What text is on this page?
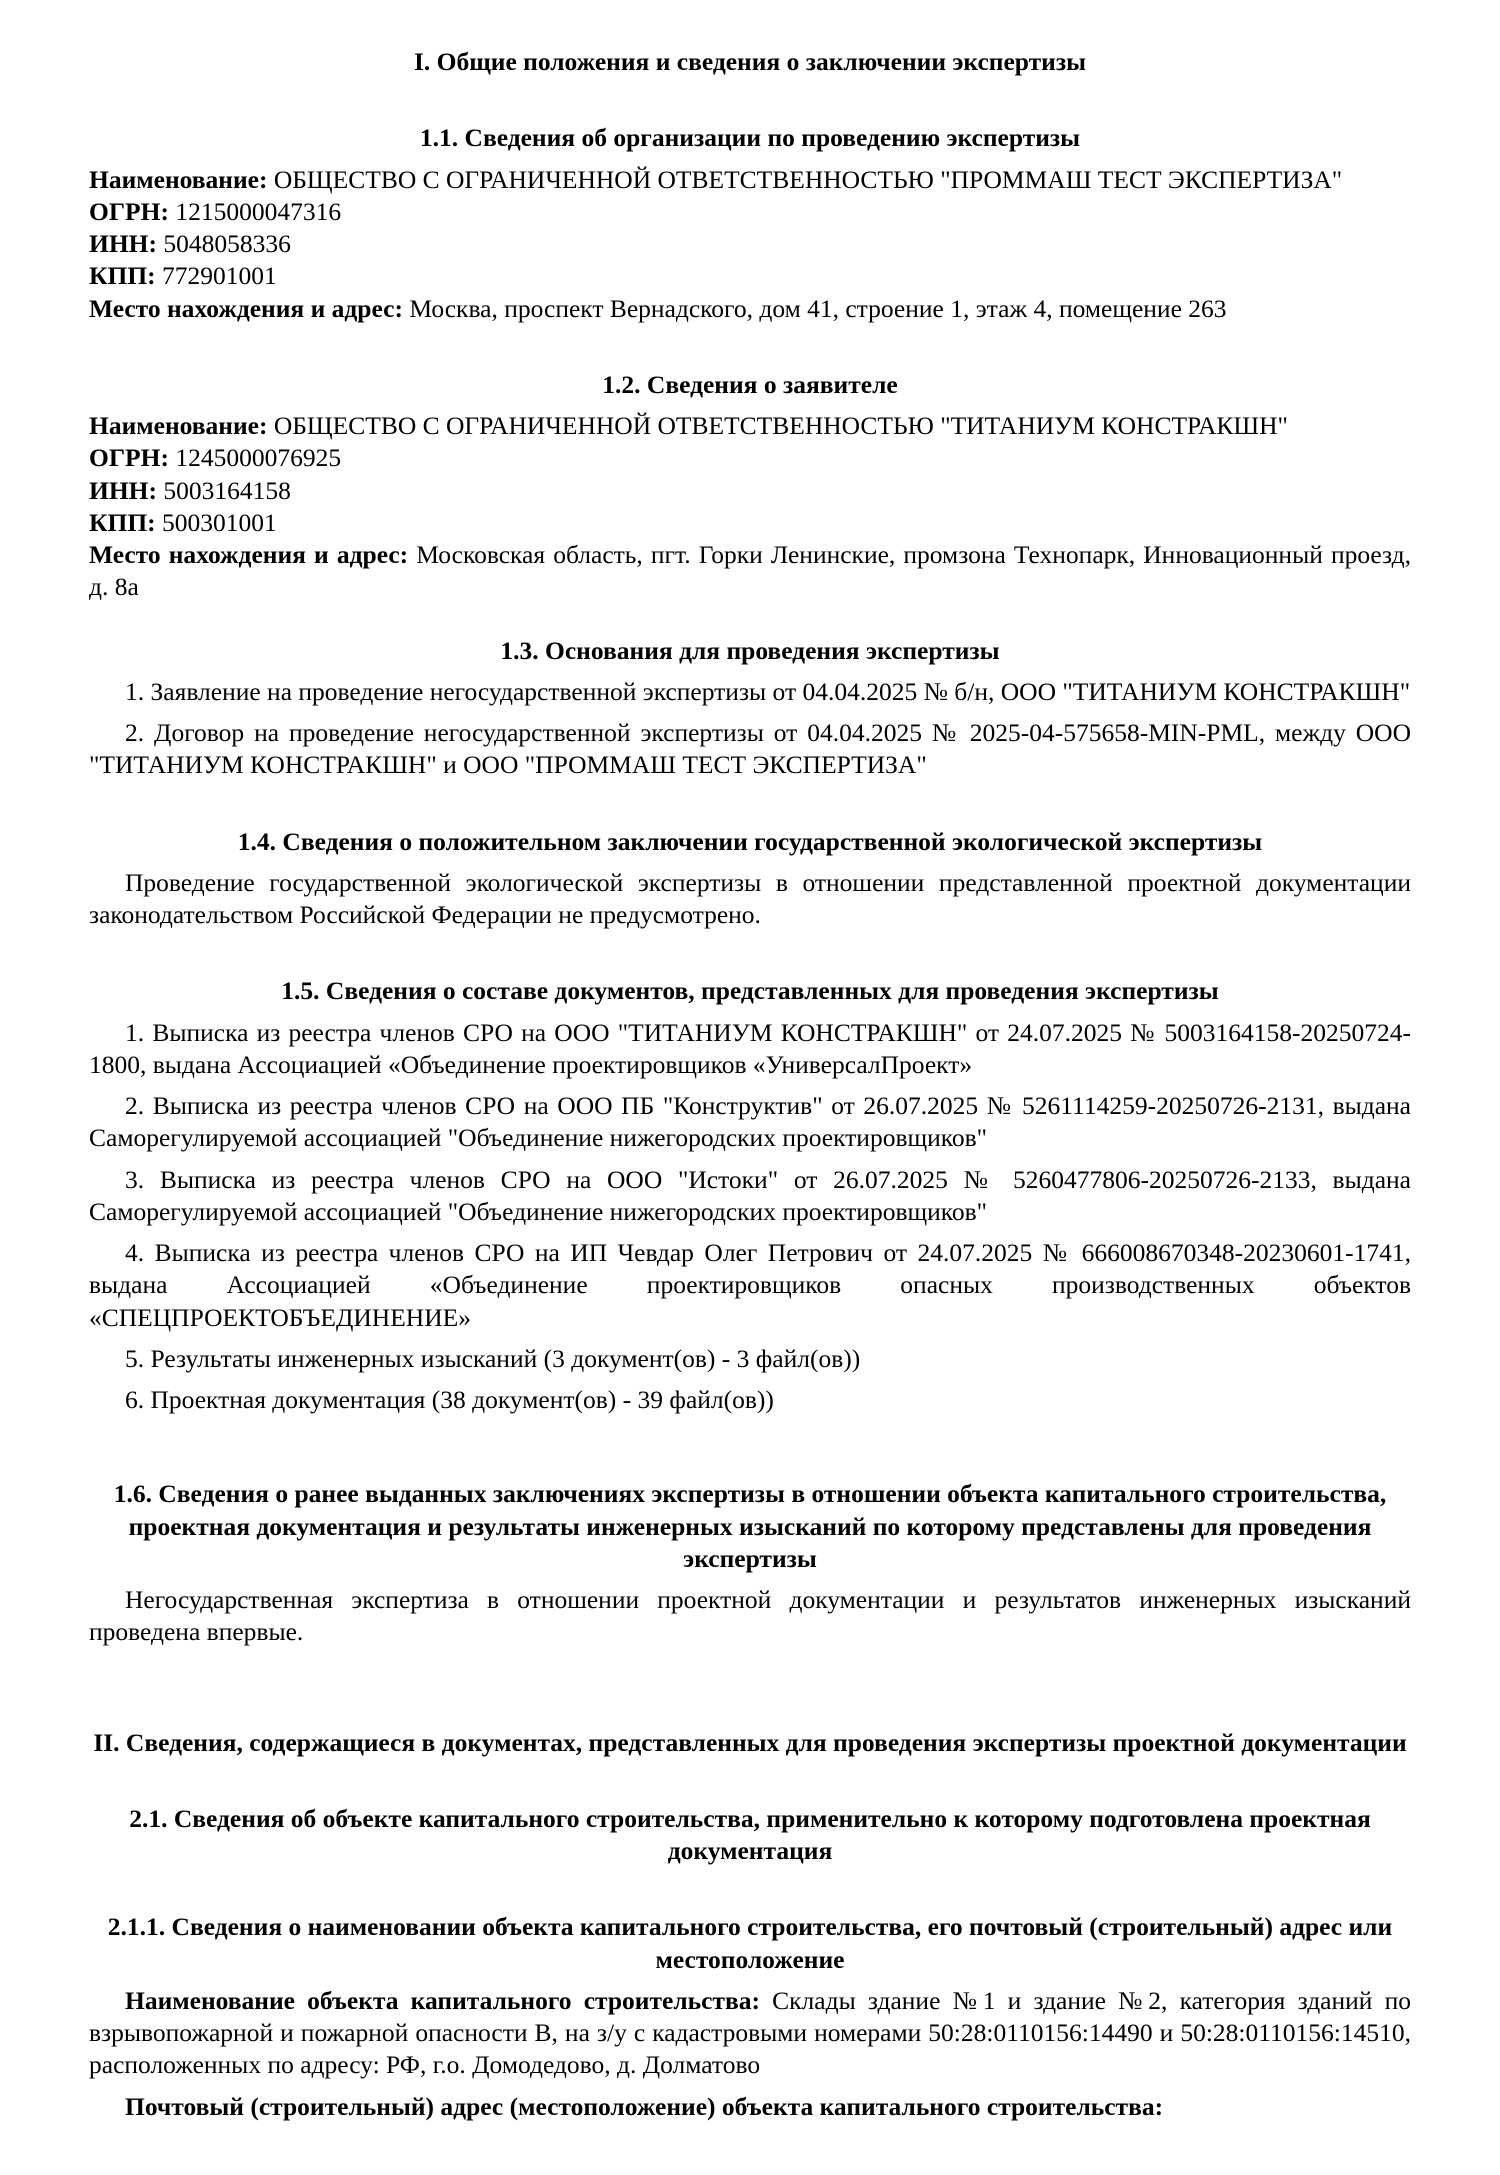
I. Общие положения и сведения о заключении экспертизы
1.1. Сведения об организации по проведению экспертизы

Наименование: ОБЩЕСТВО С ОГРАНИЧЕННОЙ ОТВЕТСТВЕННОСТЬЮ "ПРОММАШ ТЕСТ ЭКСПЕРТИЗА"

ОГРН: 1215000047316

ИНН: 5048058336

КПП: 772901001

Место нахождения и адрес: Москва, проспект Вернадского, дом 41, строение 1, этаж 4, помещение 263

1.2. Сведения о заявителе

Наименование: ОБЩЕСТВО С ОГРАНИЧЕННОЙ ОТВЕТСТВЕННОСТЬЮ "ТИТАНИУМ КОНСТРАКШН"

ОГРН: 1245000076925

ИНН: 5003164158

КПП: 500301001

Место нахождения и адрес: Московская область, пгт. Горки Ленинские, промзона Технопарк, Инновационный проезд, д. 8а

1.3. Основания для проведения экспертизы

1. Заявление на проведение негосударственной экспертизы от 04.04.2025 № б/н, ООО "ТИТАНИУМ КОНСТРАКШН"

2. Договор на проведение негосударственной экспертизы от 04.04.2025 № 2025-04-575658-MIN-PML, между ООО "ТИТАНИУМ КОНСТРАКШН" и ООО "ПРОММАШ ТЕСТ ЭКСПЕРТИЗА"

1.4. Сведения о положительном заключении государственной экологической экспертизы

Проведение государственной экологической экспертизы в отношении представленной проектной документации законодательством Российской Федерации не предусмотрено.

1.5. Сведения о составе документов, представленных для проведения экспертизы

1. Выписка из реестра членов СРО на ООО "ТИТАНИУМ КОНСТРАКШН" от 24.07.2025 № 5003164158-20250724-1800, выдана Ассоциацией «Объединение проектировщиков «УниверсалПроект»

2. Выписка из реестра членов СРО на ООО ПБ "Конструктив" от 26.07.2025 № 5261114259-20250726-2131, выдана Саморегулируемой ассоциацией "Объединение нижегородских проектировщиков"

3. Выписка из реестра членов СРО на ООО "Истоки" от 26.07.2025 № 5260477806-20250726-2133, выдана Саморегулируемой ассоциацией "Объединение нижегородских проектировщиков"

4. Выписка из реестра членов СРО на ИП Чевдар Олег Петрович от 24.07.2025 № 666008670348-20230601-1741, выдана Ассоциацией «Объединение проектировщиков опасных производственных объектов «СПЕЦПРОЕКТОБЪЕДИНЕНИЕ»

5. Результаты инженерных изысканий (3 документ(ов) - 3 файл(ов))

6. Проектная документация (38 документ(ов) - 39 файл(ов))

1.6. Сведения о ранее выданных заключениях экспертизы в отношении объекта капитального строительства, проектная документация и результаты инженерных изысканий по которому представлены для проведения экспертизы

Негосударственная экспертиза в отношении проектной документации и результатов инженерных изысканий проведена впервые.

II. Сведения, содержащиеся в документах, представленных для проведения экспертизы проектной документации
2.1. Сведения об объекте капитального строительства, применительно к которому подготовлена проектная документация
2.1.1. Сведения о наименовании объекта капитального строительства, его почтовый (строительный) адрес или местоположение

Наименование объекта капитального строительства: Склады здание №1 и здание №2, категория зданий по взрывопожарной и пожарной опасности В, на з/у с кадастровыми номерами 50:28:0110156:14490 и 50:28:0110156:14510, расположенных по адресу: РФ, г.о. Домодедово, д. Долматово

Почтовый (строительный) адрес (местоположение) объекта капитального строительства:
